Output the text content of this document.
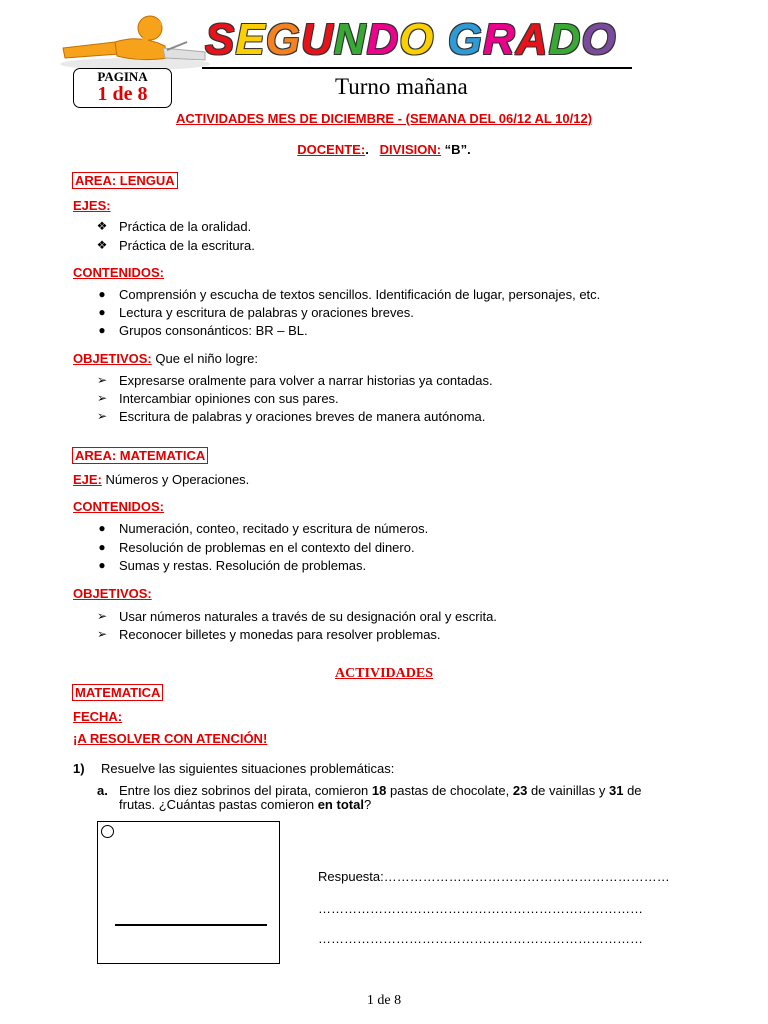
SEGUNDO GRADO
Turno mañana
PAGINA
1 de 8
ACTIVIDADES MES DE DICIEMBRE - (SEMANA DEL 06/12 AL 10/12)
DOCENTE:. DIVISION: “B”.
AREA: LENGUA
EJES:
❖ Práctica de la oralidad.
❖ Práctica de la escritura.
CONTENIDOS:
● Comprensión y escucha de textos sencillos. Identificación de lugar, personajes, etc.
● Lectura y escritura de palabras y oraciones breves.
● Grupos consonánticos: BR – BL.
OBJETIVOS: Que el niño logre:
➢ Expresarse oralmente para volver a narrar historias ya contadas.
➢ Intercambiar opiniones con sus pares.
➢ Escritura de palabras y oraciones breves de manera autónoma.
AREA: MATEMATICA
EJE: Números y Operaciones.
CONTENIDOS:
● Numeración, conteo, recitado y escritura de números.
● Resolución de problemas en el contexto del dinero.
● Sumas y restas. Resolución de problemas.
OBJETIVOS:
➢ Usar números naturales a través de su designación oral y escrita.
➢ Reconocer billetes y monedas para resolver problemas.
ACTIVIDADES
MATEMATICA
FECHA:
¡A RESOLVER CON ATENCIÓN!
1) Resuelve las siguientes situaciones problemáticas:
a. Entre los diez sobrinos del pirata, comieron 18 pastas de chocolate, 23 de vainillas y 31 de
frutas. ¿Cuántas pastas comieron en total?
Respuesta:…………………………………………………………
…………………………………………………………………
…………………………………………………………………
1 de 8
